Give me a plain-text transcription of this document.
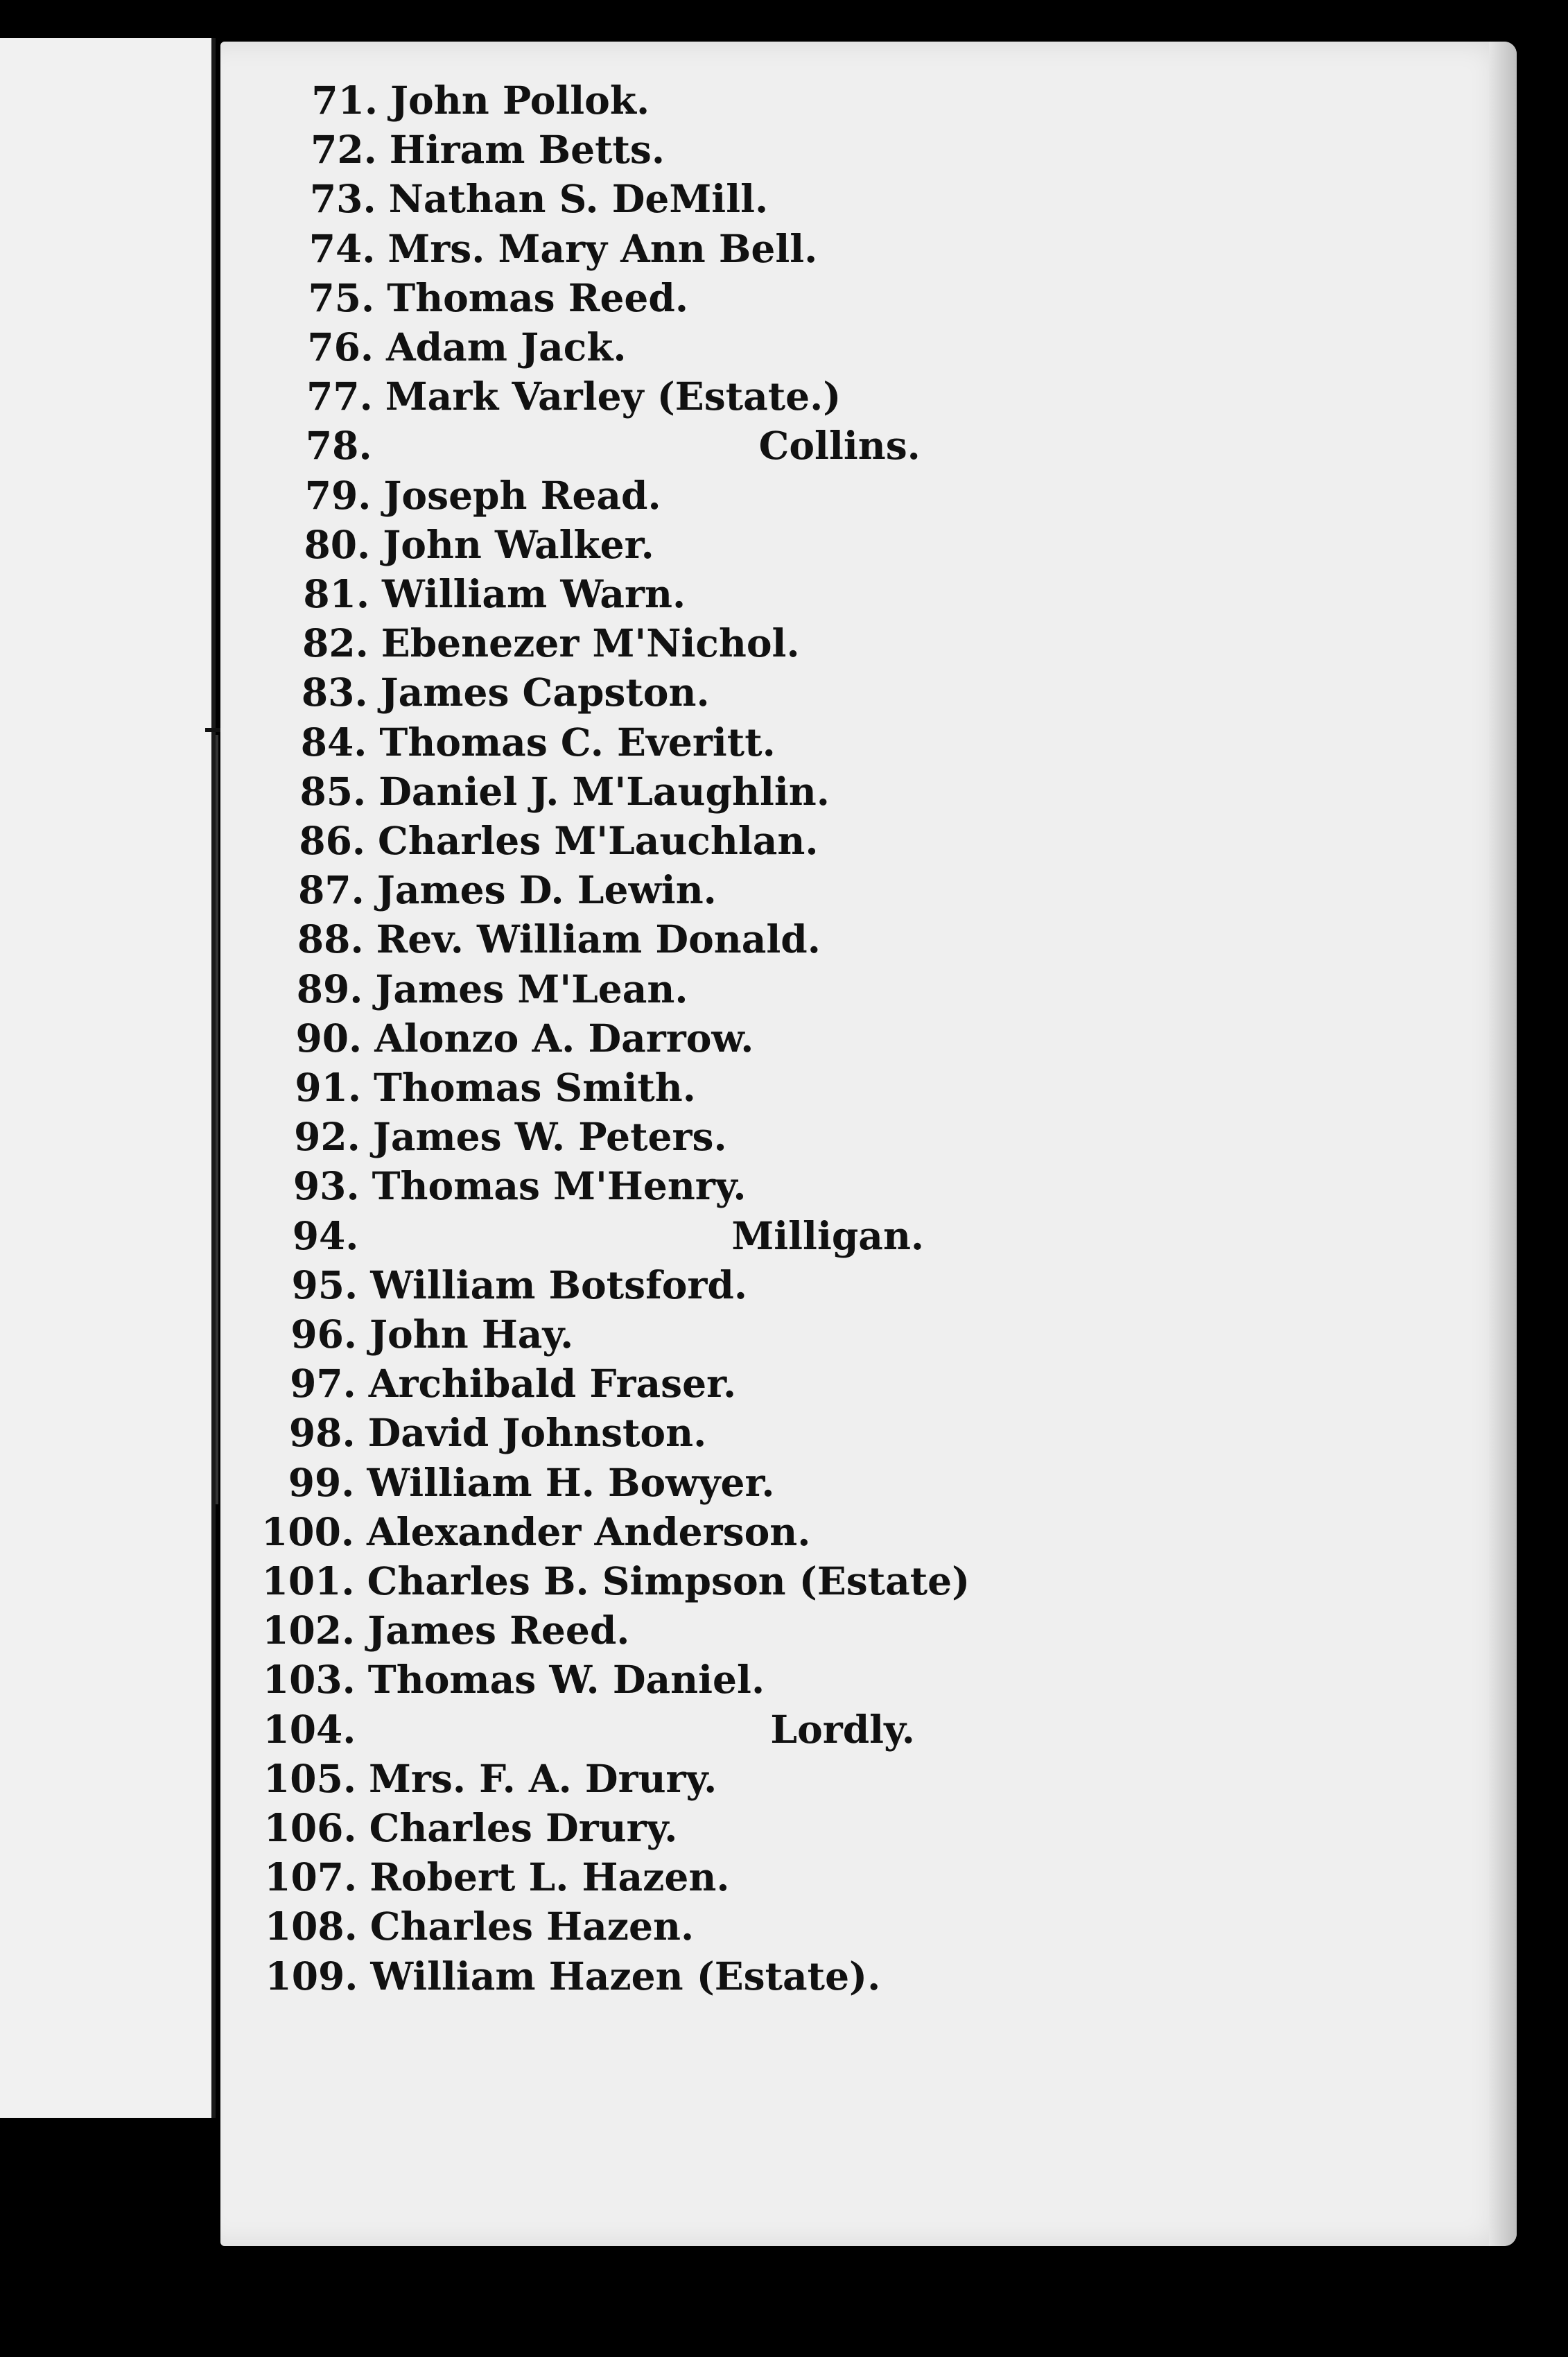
71. John Pollok.
72. Hiram Betts.
73. Nathan S. DeMill.
74. Mrs. Mary Ann Bell.
75. Thomas Reed.
76. Adam Jack.
77. Mark Varley (Estate.)
78.	Collins.
79. Joseph Read.
80. John Walker.
81. William Warn.
82. Ebenezer M'Nichol.
83. James Capston.
84. Thomas C. Everitt.
85. Daniel J. M'Laughlin.
86. Charles M'Lauchlan.
87. James D. Lewin.
88. Rev. William Donald.
89. James M'Lean.
90. Alonzo A. Darrow.
91. Thomas Smith.
92. James W. Peters.
93. Thomas M'Henry.
94.	Milligan.
95. William Botsford.
96. John Hay.
97. Archibald Fraser.
98. David Johnston.
99. William H. Bowyer.
100. Alexander Anderson.
101. Charles B. Simpson (Estate)
102. James Reed.
103. Thomas W. Daniel.
104.	Lordly.
105. Mrs. F. A. Drury.
106. Charles Drury.
107. Robert L. Hazen.
108. Charles Hazen.
109. William Hazen (Estate).
